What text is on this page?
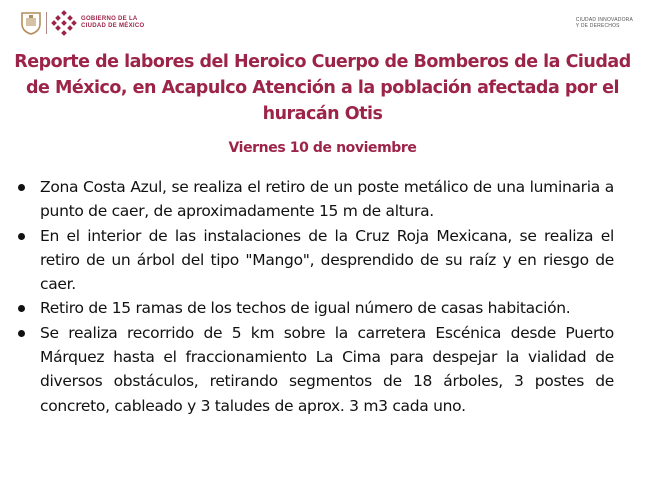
GOBIERNO DE LA
CIUDAD DE MÉXICO
CIUDAD INNOVADORA
Y DE DERECHOS
Reporte de labores del Heroico Cuerpo de Bomberos de la Ciudad de México, en Acapulco Atención a la población afectada por el huracán Otis
Viernes 10 de noviembre
Zona Costa Azul, se realiza el retiro de un poste metálico de una luminaria a punto de caer, de aproximadamente 15 m de altura.
En el interior de las instalaciones de la Cruz Roja Mexicana, se realiza el retiro de un árbol del tipo "Mango", desprendido de su raíz y en riesgo de caer.
Retiro de 15 ramas de los techos de igual número de casas habitación.
Se realiza recorrido de 5 km sobre la carretera Escénica desde Puerto Márquez hasta el fraccionamiento La Cima para despejar la vialidad de diversos obstáculos, retirando segmentos de 18 árboles, 3 postes de concreto, cableado y 3 taludes de aprox. 3 m3 cada uno.
